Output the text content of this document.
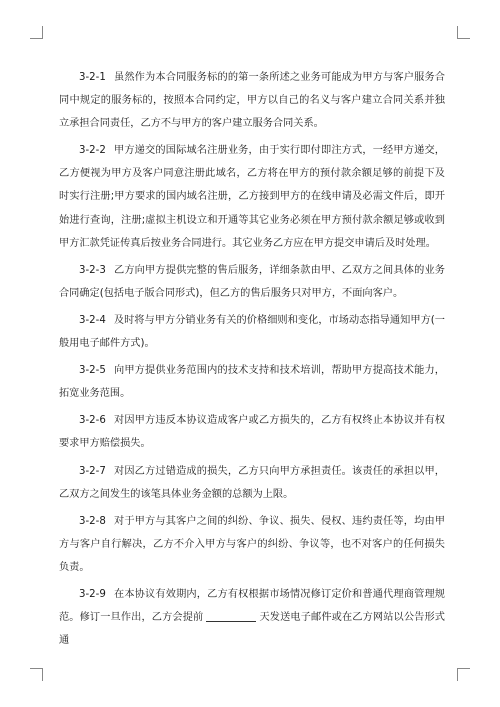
3-2-1 虽然作为本合同服务标的的第一条所述之业务可能成为甲方与客户服务合同中规定的服务标的，按照本合同约定，甲方以自己的名义与客户建立合同关系并独立承担合同责任，乙方不与甲方的客户建立服务合同关系。

3-2-2 甲方递交的国际域名注册业务，由于实行即付即注方式，一经甲方递交，乙方便视为甲方及客户同意注册此域名，乙方将在甲方的预付款余额足够的前提下及时实行注册;甲方要求的国内域名注册，乙方接到甲方的在线申请及必需文件后，即开始进行查询，注册;虚拟主机设立和开通等其它业务必须在甲方预付款余额足够或收到甲方汇款凭证传真后按业务合同进行。其它业务乙方应在甲方提交申请后及时处理。

3-2-3 乙方向甲方提供完整的售后服务，详细条款由甲、乙双方之间具体的业务合同确定(包括电子版合同形式)，但乙方的售后服务只对甲方，不面向客户。

3-2-4 及时将与甲方分销业务有关的价格细则和变化，市场动态指导通知甲方(一般用电子邮件方式)。

3-2-5 向甲方提供业务范围内的技术支持和技术培训，帮助甲方提高技术能力，拓宽业务范围。

3-2-6 对因甲方违反本协议造成客户或乙方损失的，乙方有权终止本协议并有权要求甲方赔偿损失。

3-2-7 对因乙方过错造成的损失，乙方只向甲方承担责任。该责任的承担以甲，乙双方之间发生的该笔具体业务金额的总额为上限。

3-2-8 对于甲方与其客户之间的纠纷、争议、损失、侵权、违约责任等，均由甲方与客户自行解决，乙方不介入甲方与客户的纠纷、争议等，也不对客户的任何损失负责。

3-2-9 在本协议有效期内，乙方有权根据市场情况修订定价和普通代理商管理规范。修订一旦作出，乙方会提前	天发送电子邮件或在乙方网站以公告形式通
